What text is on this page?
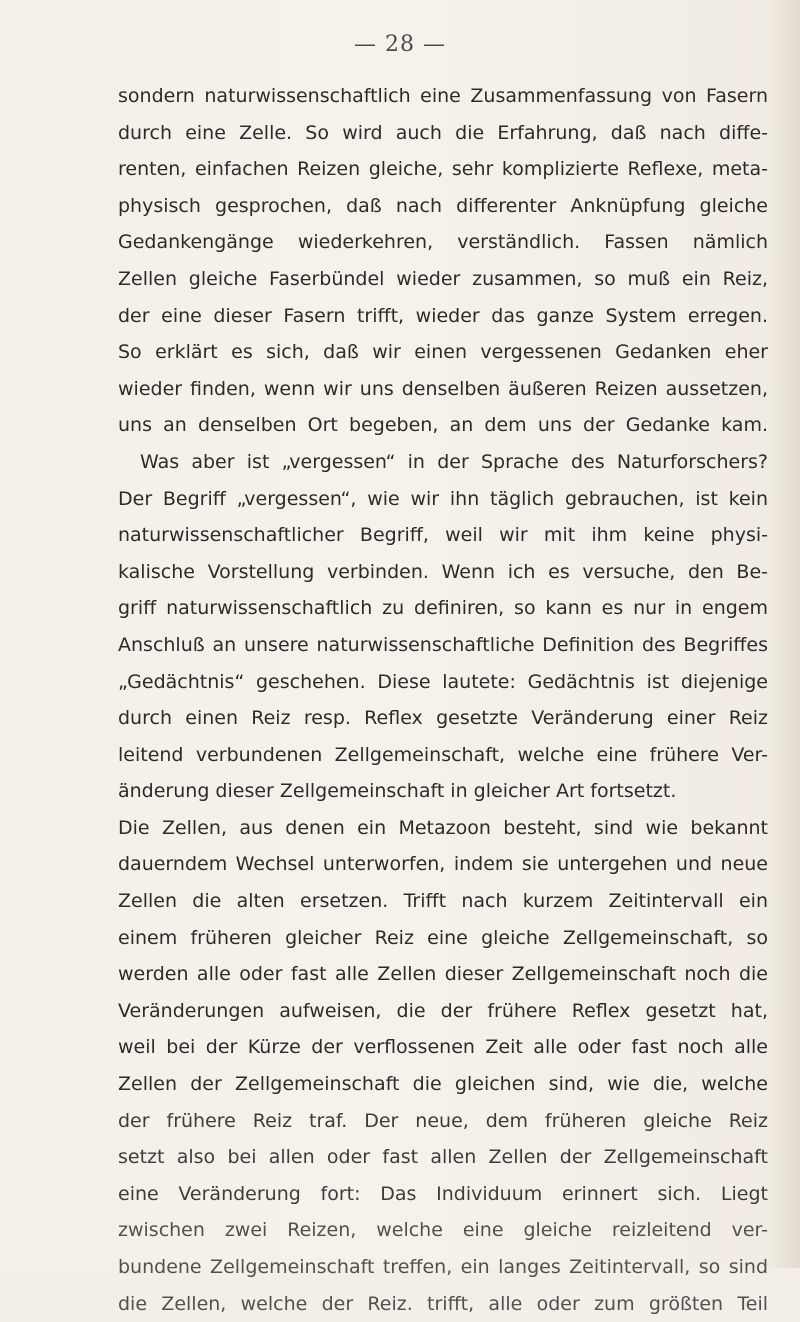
— 28 —
sondern naturwissenschaftlich eine Zusammenfassung von Fasern
durch eine Zelle. So wird auch die Erfahrung, daß nach diffe-
renten, einfachen Reizen gleiche, sehr komplizierte Reflexe, meta-
physisch gesprochen, daß nach differenter Anknüpfung gleiche
Gedankengänge wiederkehren, verständlich. Fassen nämlich
Zellen gleiche Faserbündel wieder zusammen, so muß ein Reiz,
der eine dieser Fasern trifft, wieder das ganze System erregen.
So erklärt es sich, daß wir einen vergessenen Gedanken eher
wieder finden, wenn wir uns denselben äußeren Reizen aussetzen,
uns an denselben Ort begeben, an dem uns der Gedanke kam.
Was aber ist „vergessen“ in der Sprache des Naturforschers?
Der Begriff „vergessen“, wie wir ihn täglich gebrauchen, ist kein
naturwissenschaftlicher Begriff, weil wir mit ihm keine physi-
kalische Vorstellung verbinden. Wenn ich es versuche, den Be-
griff naturwissenschaftlich zu definiren, so kann es nur in engem
Anschluß an unsere naturwissenschaftliche Definition des Begriffes
„Gedächtnis“ geschehen. Diese lautete: Gedächtnis ist diejenige
durch einen Reiz resp. Reflex gesetzte Veränderung einer Reiz
leitend verbundenen Zellgemeinschaft, welche eine frühere Ver-
änderung dieser Zellgemeinschaft in gleicher Art fortsetzt.
Die Zellen, aus denen ein Metazoon besteht, sind wie bekannt
dauerndem Wechsel unterworfen, indem sie untergehen und neue
Zellen die alten ersetzen. Trifft nach kurzem Zeitintervall ein
einem früheren gleicher Reiz eine gleiche Zellgemeinschaft, so
werden alle oder fast alle Zellen dieser Zellgemeinschaft noch die
Veränderungen aufweisen, die der frühere Reflex gesetzt hat,
weil bei der Kürze der verflossenen Zeit alle oder fast noch alle
Zellen der Zellgemeinschaft die gleichen sind, wie die, welche
der frühere Reiz traf. Der neue, dem früheren gleiche Reiz
setzt also bei allen oder fast allen Zellen der Zellgemeinschaft
eine Veränderung fort: Das Individuum erinnert sich. Liegt
zwischen zwei Reizen, welche eine gleiche reizleitend ver-
bundene Zellgemeinschaft treffen, ein langes Zeitintervall, so sind
die Zellen, welche der Reiz. trifft, alle oder zum größten Teil
